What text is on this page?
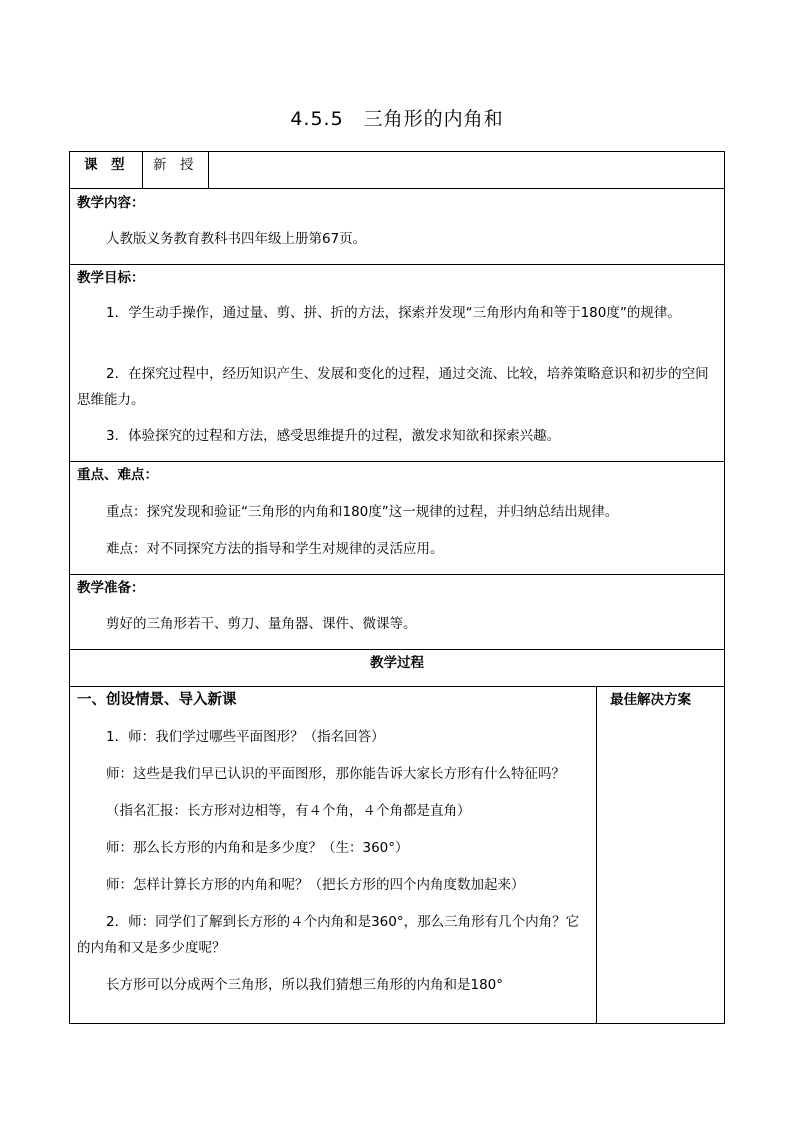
4.5.5　三角形的内角和
课　型 新　授
教学内容：
人教版义务教育教科书四年级上册第67页。
教学目标：
1．学生动手操作，通过量、剪、拼、折的方法，探索并发现“三角形内角和等于180度”的规律。
2．在探究过程中，经历知识产生、发展和变化的过程，通过交流、比较，培养策略意识和初步的空间思维能力。
3．体验探究的过程和方法，感受思维提升的过程，激发求知欲和探索兴趣。
重点、难点：
重点：探究发现和验证“三角形的内角和180度”这一规律的过程，并归纳总结出规律。
难点：对不同探究方法的指导和学生对规律的灵活应用。
教学准备：
剪好的三角形若干、剪刀、量角器、课件、微课等。
教学过程
一、创设情景、导入新课	最佳解决方案
1．师：我们学过哪些平面图形？（指名回答）
师：这些是我们早已认识的平面图形，那你能告诉大家长方形有什么特征吗？
（指名汇报：长方形对边相等，有４个角，４个角都是直角）
师：那么长方形的内角和是多少度？（生：360°）
师：怎样计算长方形的内角和呢？（把长方形的四个内角度数加起来）
2．师：同学们了解到长方形的４个内角和是360°，那么三角形有几个内角？它的内角和又是多少度呢？
长方形可以分成两个三角形，所以我们猜想三角形的内角和是180°
